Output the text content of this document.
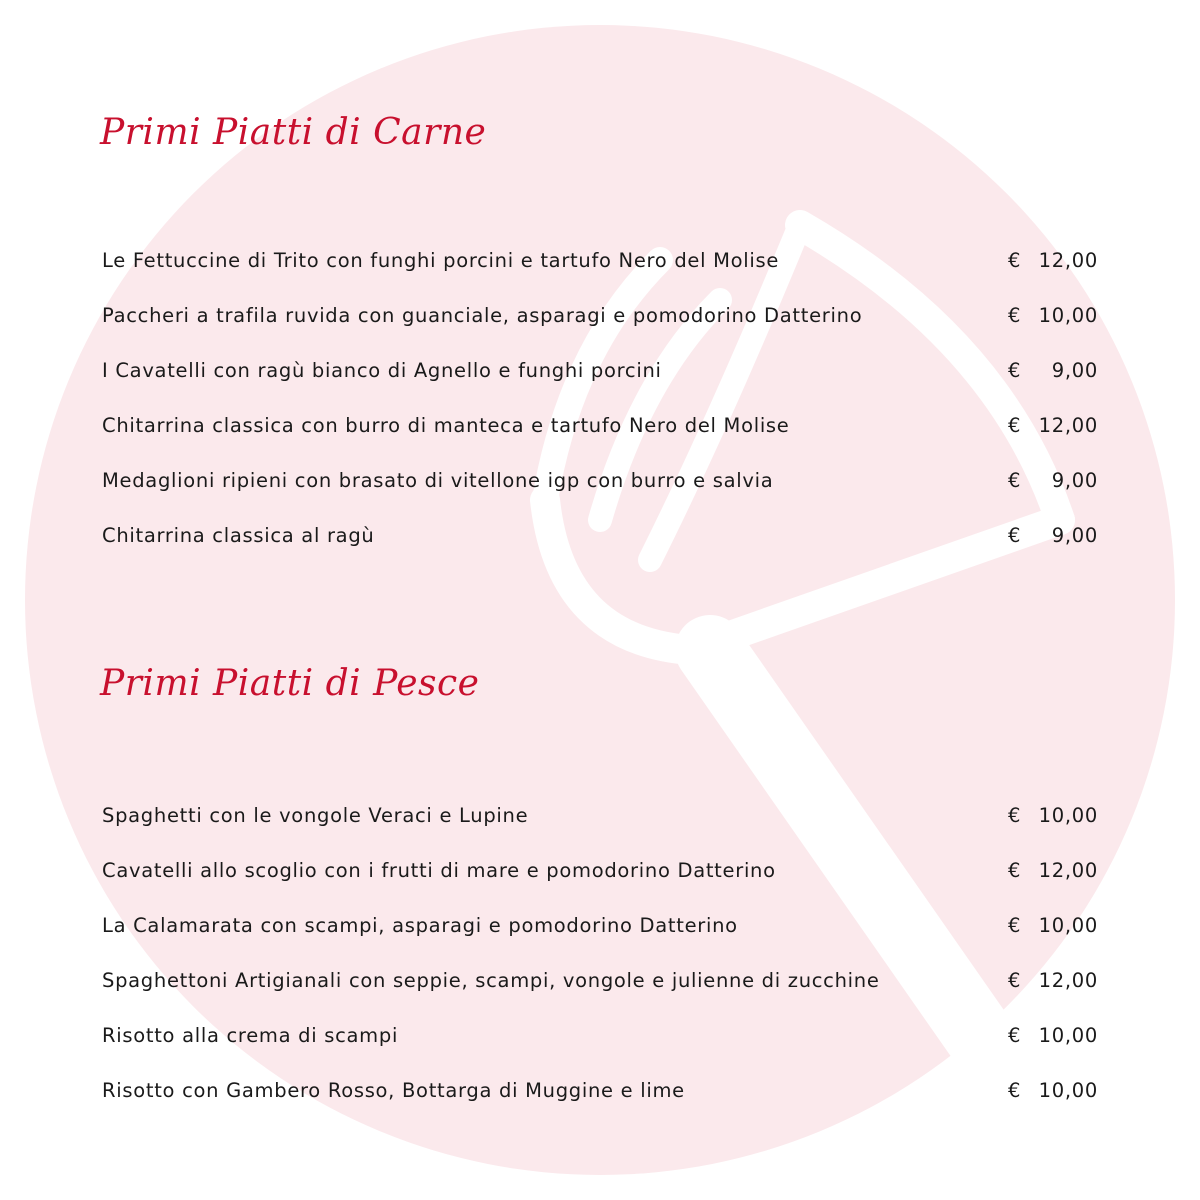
Primi Piatti di Carne
Le Fettuccine di Trito con funghi porcini e tartufo Nero del Molise	€ 12,00
Paccheri a trafila ruvida con guanciale, asparagi e pomodorino Datterino	€ 10,00
I Cavatelli con ragù bianco di Agnello e funghi porcini	€ 9,00
Chitarrina classica con burro di manteca e tartufo Nero del Molise	€ 12,00
Medaglioni ripieni con brasato di vitellone igp con burro e salvia	€ 9,00
Chitarrina classica al ragù	€ 9,00
Primi Piatti di Pesce
Spaghetti con le vongole Veraci e Lupine	€ 10,00
Cavatelli allo scoglio con i frutti di mare e pomodorino Datterino	€ 12,00
La Calamarata con scampi, asparagi e pomodorino Datterino	€ 10,00
Spaghettoni Artigianali con seppie, scampi, vongole e julienne di zucchine	€ 12,00
Risotto alla crema di scampi	€ 10,00
Risotto con Gambero Rosso, Bottarga di Muggine e lime	€ 10,00
